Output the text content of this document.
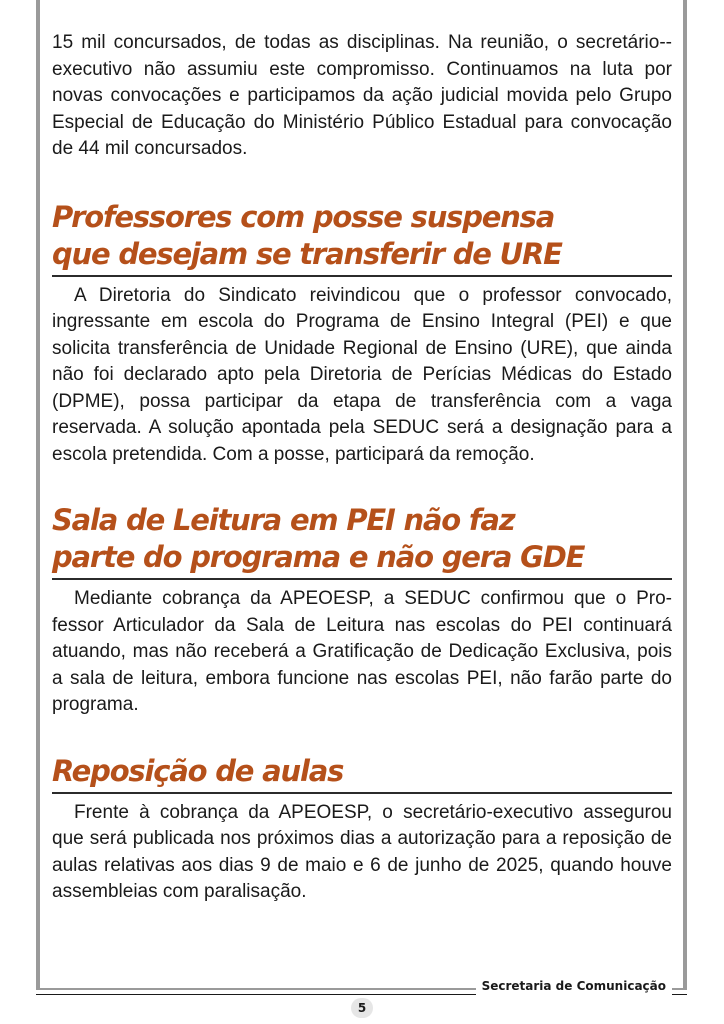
15 mil concursados, de todas as disciplinas. Na reunião, o secretário--executivo não assumiu este compromisso. Continuamos na luta por novas convocações e participamos da ação judicial movida pelo Grupo Especial de Educação do Ministério Público Estadual para convocação de 44 mil concursados.

Professores com posse suspensa
que desejam se transferir de URE

A Diretoria do Sindicato reivindicou que o professor convocado, ingressante em escola do Programa de Ensino Integral (PEI) e que solicita transferência de Unidade Regional de Ensino (URE), que ainda não foi declarado apto pela Diretoria de Perícias Médicas do Estado (DPME), possa participar da etapa de transferência com a vaga reservada. A solução apontada pela SEDUC será a designação para a escola pretendida. Com a posse, participará da remoção.

Sala de Leitura em PEI não faz
parte do programa e não gera GDE

Mediante cobrança da APEOESP, a SEDUC confirmou que o Professor Articulador da Sala de Leitura nas escolas do PEI continuará atuando, mas não receberá a Gratificação de Dedicação Exclusiva, pois a sala de leitura, embora funcione nas escolas PEI, não farão parte do programa.

Reposição de aulas

Frente à cobrança da APEOESP, o secretário-executivo assegurou que será publicada nos próximos dias a autorização para a reposição de aulas relativas aos dias 9 de maio e 6 de junho de 2025, quando houve assembleias com paralisação.

Secretaria de Comunicação
5
